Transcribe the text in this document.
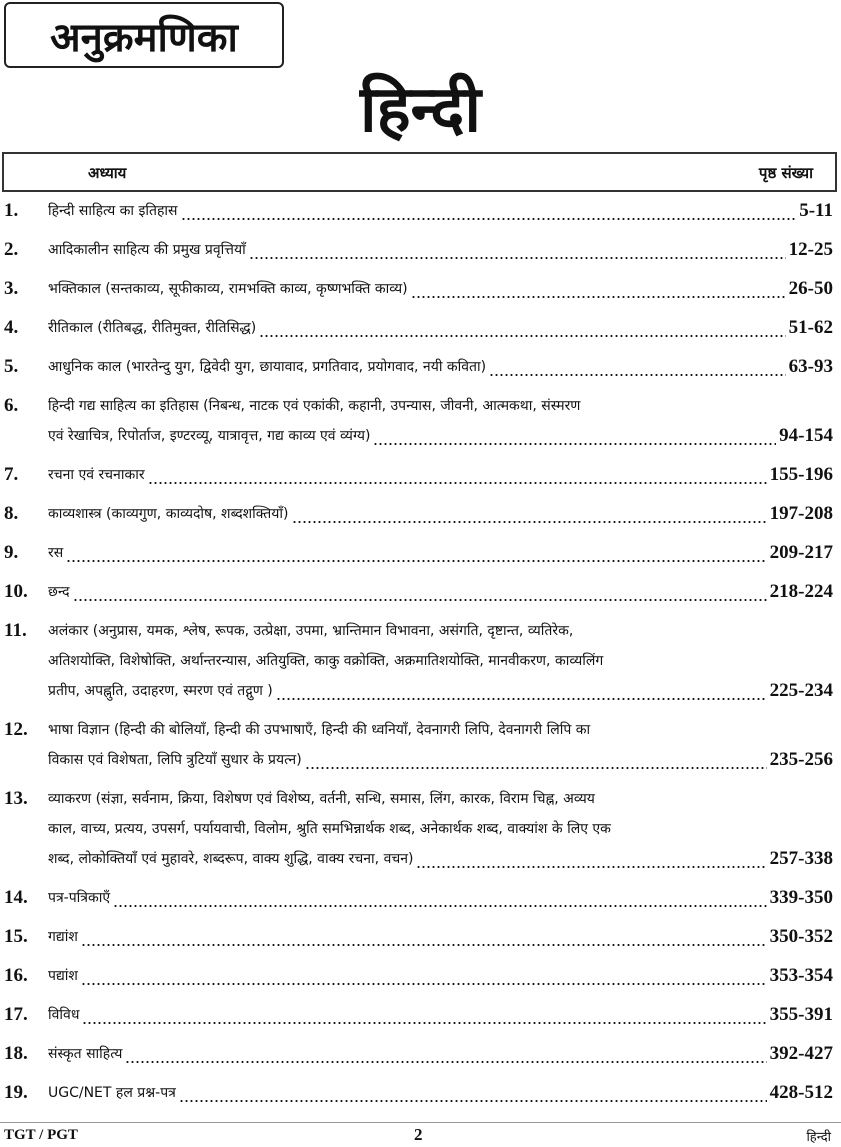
अनुक्रमणिका
हिन्दी
अध्याय	पृष्ठ संख्या
1.	हिन्दी साहित्य का इतिहास	5-11
2.	आदिकालीन साहित्य की प्रमुख प्रवृत्तियाँ	12-25
3.	भक्तिकाल (सन्तकाव्य, सूफीकाव्य, रामभक्ति काव्य, कृष्णभक्ति काव्य)	26-50
4.	रीतिकाल (रीतिबद्ध, रीतिमुक्त, रीतिसिद्ध)	51-62
5.	आधुनिक काल (भारतेन्दु युग, द्विवेदी युग, छायावाद, प्रगतिवाद, प्रयोगवाद, नयी कविता)	63-93
6.	हिन्दी गद्य साहित्य का इतिहास (निबन्ध, नाटक एवं एकांकी, कहानी, उपन्यास, जीवनी, आत्मकथा, संस्मरण
एवं रेखाचित्र, रिपोर्ताज, इण्टरव्यू, यात्रावृत्त, गद्य काव्य एवं व्यंग्य)	94-154
7.	रचना एवं रचनाकार	155-196
8.	काव्यशास्त्र (काव्यगुण, काव्यदोष, शब्दशक्तियाँ)	197-208
9.	रस	209-217
10.	छन्द	218-224
11.	अलंकार (अनुप्रास, यमक, श्लेष, रूपक, उत्प्रेक्षा, उपमा, भ्रान्तिमान विभावना, असंगति, दृष्टान्त, व्यतिरेक,
अतिशयोक्ति, विशेषोक्ति, अर्थान्तरन्यास, अतियुक्ति, काकु वक्रोक्ति, अक्रमातिशयोक्ति, मानवीकरण, काव्यलिंग
प्रतीप, अपह्नुति, उदाहरण, स्मरण एवं तद्गुण )	225-234
12.	भाषा विज्ञान (हिन्दी की बोलियाँ, हिन्दी की उपभाषाएँ, हिन्दी की ध्वनियाँ, देवनागरी लिपि, देवनागरी लिपि का
विकास एवं विशेषता, लिपि त्रुटियाँ सुधार के प्रयत्न)	235-256
13.	व्याकरण (संज्ञा, सर्वनाम, क्रिया, विशेषण एवं विशेष्य, वर्तनी, सन्धि, समास, लिंग, कारक, विराम चिह्न, अव्यय
काल, वाच्य, प्रत्यय, उपसर्ग, पर्यायवाची, विलोम, श्रुति समभिन्नार्थक शब्द, अनेकार्थक शब्द, वाक्यांश के लिए एक
शब्द, लोकोक्तियाँ एवं मुहावरे, शब्दरूप, वाक्य शुद्धि, वाक्य रचना, वचन)	257-338
14.	पत्र-पत्रिकाएँ	339-350
15.	गद्यांश	350-352
16.	पद्यांश	353-354
17.	विविध	355-391
18.	संस्कृत साहित्य	392-427
19.	UGC/NET हल प्रश्न-पत्र	428-512
TGT / PGT	2	हिन्दी
